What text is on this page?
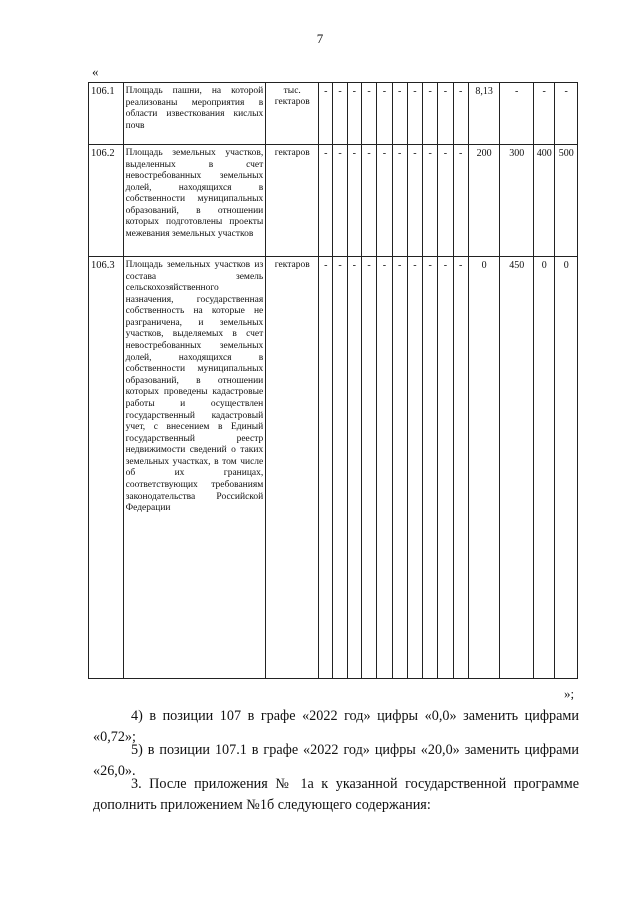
7
«
106.1	Площадь пашни, на которой реализованы мероприятия в области известкования кислых почв	тыс. гектаров	-	-	-	-	-	-	-	-	-	-	8,13	-	-	-
106.2	Площадь земельных участков, выделенных в счет невостребованных земельных долей, находящихся в собственности муниципальных образований, в отношении которых подготовлены проекты межевания земельных участков	гектаров	-	-	-	-	-	-	-	-	-	-	200	300	400	500
106.3	Площадь земельных участков из состава земель сельскохозяйственного назначения, государственная собственность на которые не разграничена, и земельных участков, выделяемых в счет невостребованных земельных долей, находящихся в собственности муниципальных образований, в отношении которых проведены кадастровые работы и осуществлен государственный кадастровый учет, с внесением в Единый государственный реестр недвижимости сведений о таких земельных участках, в том числе об их границах, соответствующих требованиям законодательства Российской Федерации	гектаров	-	-	-	-	-	-	-	-	-	-	0	450	0	0
»;
4) в позиции 107 в графе «2022 год» цифры «0,0» заменить цифрами «0,72»;
5) в позиции 107.1 в графе «2022 год» цифры «20,0» заменить цифрами «26,0».
3. После приложения № 1а к указанной государственной программе дополнить приложением №1б следующего содержания:
